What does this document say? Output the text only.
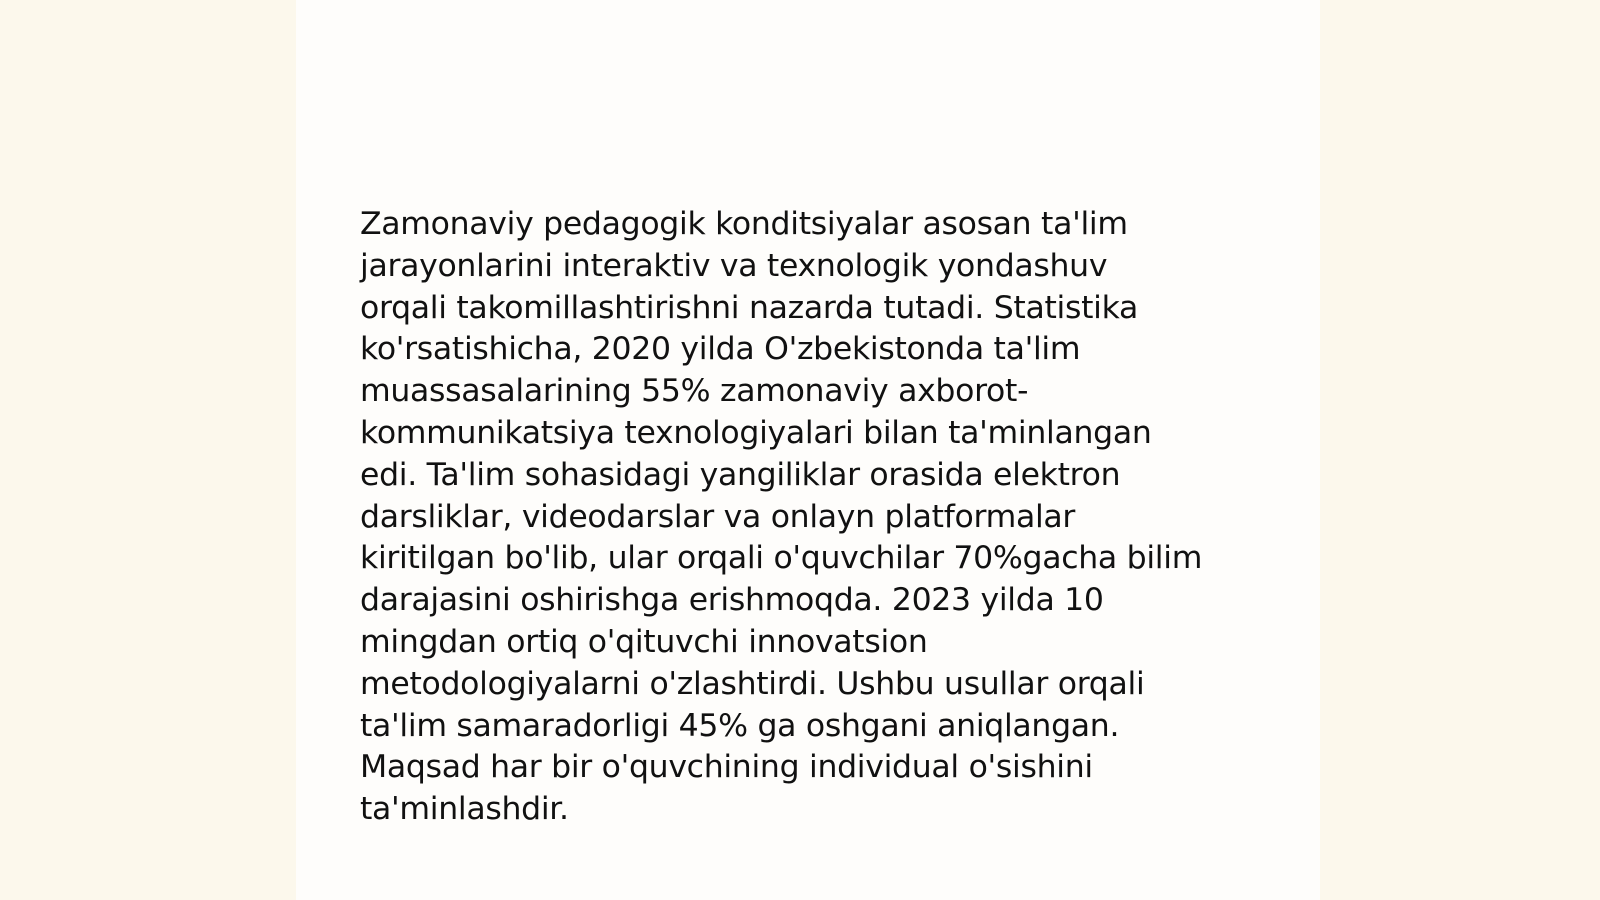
Zamonaviy pedagogik konditsiyalar asosan ta'lim
jarayonlarini interaktiv va texnologik yondashuv
orqali takomillashtirishni nazarda tutadi. Statistika
ko'rsatishicha, 2020 yilda O'zbekistonda ta'lim
muassasalarining 55% zamonaviy axborot-
kommunikatsiya texnologiyalari bilan ta'minlangan
edi. Ta'lim sohasidagi yangiliklar orasida elektron
darsliklar, videodarslar va onlayn platformalar
kiritilgan bo'lib, ular orqali o'quvchilar 70%gacha bilim
darajasini oshirishga erishmoqda. 2023 yilda 10
mingdan ortiq o'qituvchi innovatsion
metodologiyalarni o'zlashtirdi. Ushbu usullar orqali
ta'lim samaradorligi 45% ga oshgani aniqlangan.
Maqsad har bir o'quvchining individual o'sishini
ta'minlashdir.
